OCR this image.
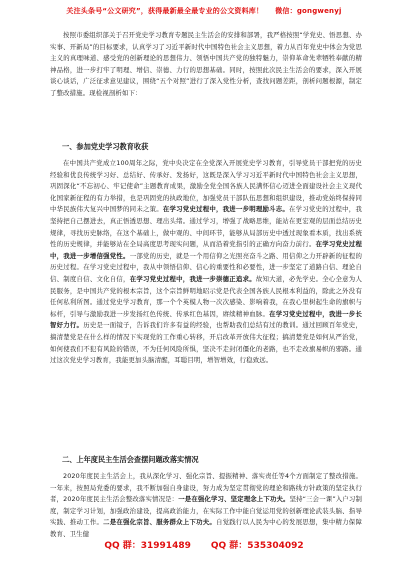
关注头条号“公文研究”，获得最新最全最专业的公文资料库！ 微信：gongwenyj

按照市委组织部关于召开党史学习教育专题民主生活会的安排和部署，我严格按照“学党史、悟思想、办实事、开新局”的目标要求，认真学习了习近平新时代中国特色社会主义思想，着力从百年党史中体会为党思主义的真理味道、感受党的创新理论的思想伟力、领悟中国共产党的独特魅力，崇仰革命先辈牺牲奉献的精神品格，进一步打牢了明理、增信、崇德、力行的思想基础。同时，按照此次民主生活会的要求，深入开展谈心谈话，广泛征求意见建议，围绕“五个对照”进行了深入党性分析，查找问题差距，剖析问题根源，制定了整改措施。现检视剖析如下：

一、参加党史学习教育收获

在中国共产党成立100周年之际，党中央决定在全党深入开展党史学习教育，引导党员干部把党的历史经验和优良传统学习好、总结好、传承好、发扬好，这既是深入学习习近平新时代中国特色社会主义思想，巩固深化“不忘初心、牢记使命”主题教育成果，激励全党全国各族人民满怀信心迈进全面建设社会主义现代化国家新征程的有力举措，也是巩固党的执政地位，加强党员干部队伍思想和组织建设，推动党始终保持同中华民族伟大复兴中国梦的同未之策。在学习党史过程中，我进一步明理励斗志。在学习党史的过程中，我坚持把自己摆进去，真正悟透思想、理出头绪。通过学习，增强了战略思维，能站在更宏观的层面总结历史规律，寻找历史脉络，在这个基础上，做中观的、中间环节，能够从局部历史中透过现象看本质，找出系统性的历史规律，并能够站在全局高度思考现实问题，从而沿着党指引的正确方向奋力前行。在学习党史过程中，我进一步增信强党性。一部党的历史，就是一个用信仰之光照亮奋斗之路、用信仰之力开辟新的征程的历史过程。在学习党史过程中，我从中领悟信仰、信心的重要性和必要性，进一步坚定了道路自信、理论自信、制度自信、文化自信，在学习党史过程中，我进一步崇德正追求。故知大道，必先学史。全心全意为人民服务，是中国共产党的根本宗旨，这个宗旨鲜明地昭示党是代表全国各族人民根本利益的，除此之外没有任何私利所图。通过党史学习教育，那一个个英模人物一次次感染、影响着我，在我心里树起生命的旗帜与标杆，引导与激励我进一步发扬红色传统、传承红色基因，赓续精神血脉。在学习党史过程中，我进一步长智好力行。历史是一面镜子，告诉我们许多有益的经验，也帮助我们总结有过的教训。通过回顾百年党史，搞清楚党是在什么样的情况下实现党的工作重心转移，开启改革开放伟大征程；搞清楚党是如何从严治党，如何使我们不犯有风险的错误，不为任何风险所惧，坚决不走封闭僵化的老路，也不走改旗易帜的邪路。通过这次党史学习教育，我能更加头脑清醒，耳聪目明，增智增效，行稳致远。

二、上年度民主生活会查摆问题改落实情况

2020年度民主生活会上，我从深化学习、强化宗旨、提振精神、落实责任等4个方面制定了整改措施。一年来，按照局党委的要求，我不断加强自身建设，努力成为坚定贯彻党的理论和路线方针政策的坚定执行者，2020年度民主生活会整改落实情况是：一是在强化学习、坚定理念上下功夫。坚持“三会一课”入户习制度，制定学习计划，加强政治建设，提高政治能力，在实际工作中能自觉运用党的创新理论武装头脑、指导实践、推动工作。二是在强化宗旨、服务群众上下功夫。自觉践行以人民为中心的发展思想，集中精力保障教育、卫生健

QQ 群：31991489 QQ 群：535304092
